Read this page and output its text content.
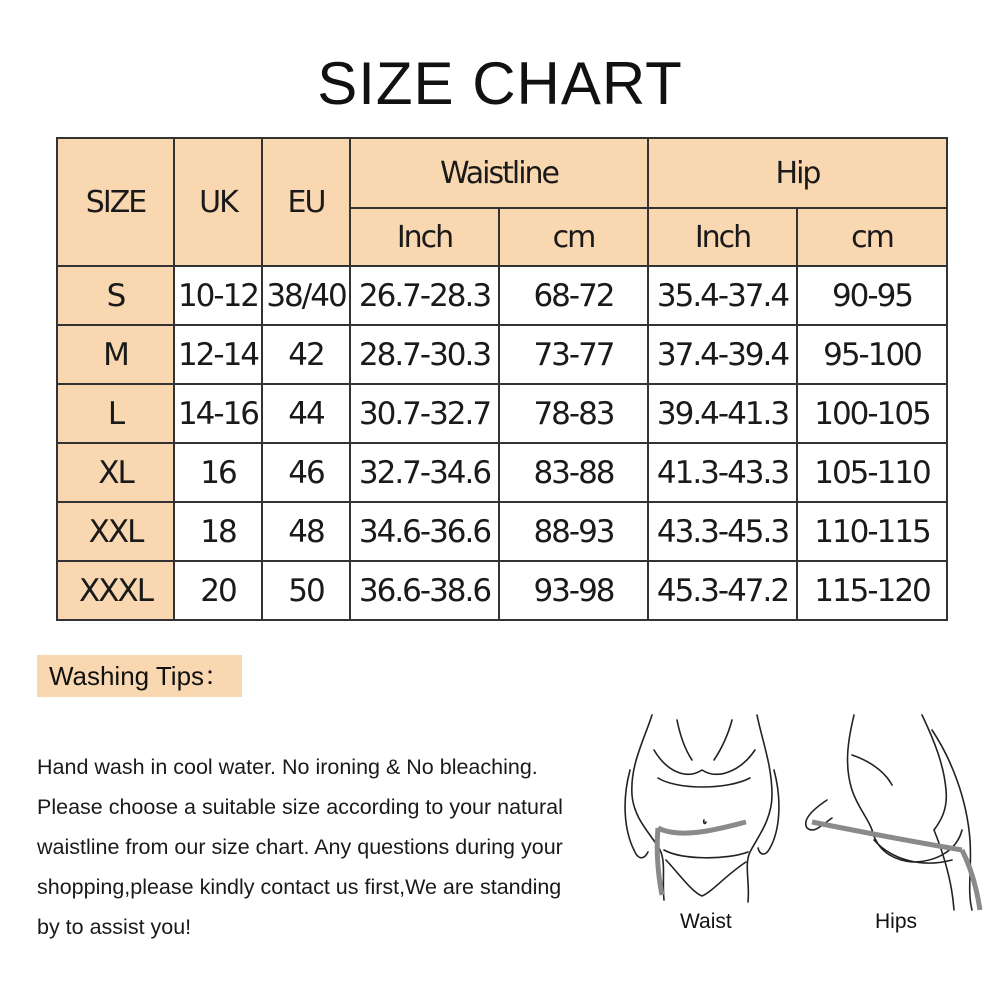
SIZE CHART
SIZE	UK	EU	Waistline		Hip	
			Inch	cm	Inch	cm
S	10-12	38/40	26.7-28.3	68-72	35.4-37.4	90-95
M	12-14	42	28.7-30.3	73-77	37.4-39.4	95-100
L	14-16	44	30.7-32.7	78-83	39.4-41.3	100-105
XL	16	46	32.7-34.6	83-88	41.3-43.3	105-110
XXL	18	48	34.6-36.6	88-93	43.3-45.3	110-115
XXXL	20	50	36.6-38.6	93-98	45.3-47.2	115-120
Washing Tips：

Hand wash in cool water. No ironing & No bleaching.

Please choose a suitable size according to your natural

waistline from our size chart. Any questions during your

shopping,please kindly contact us first,We are standing

by to assist you!	Waist	Hips
